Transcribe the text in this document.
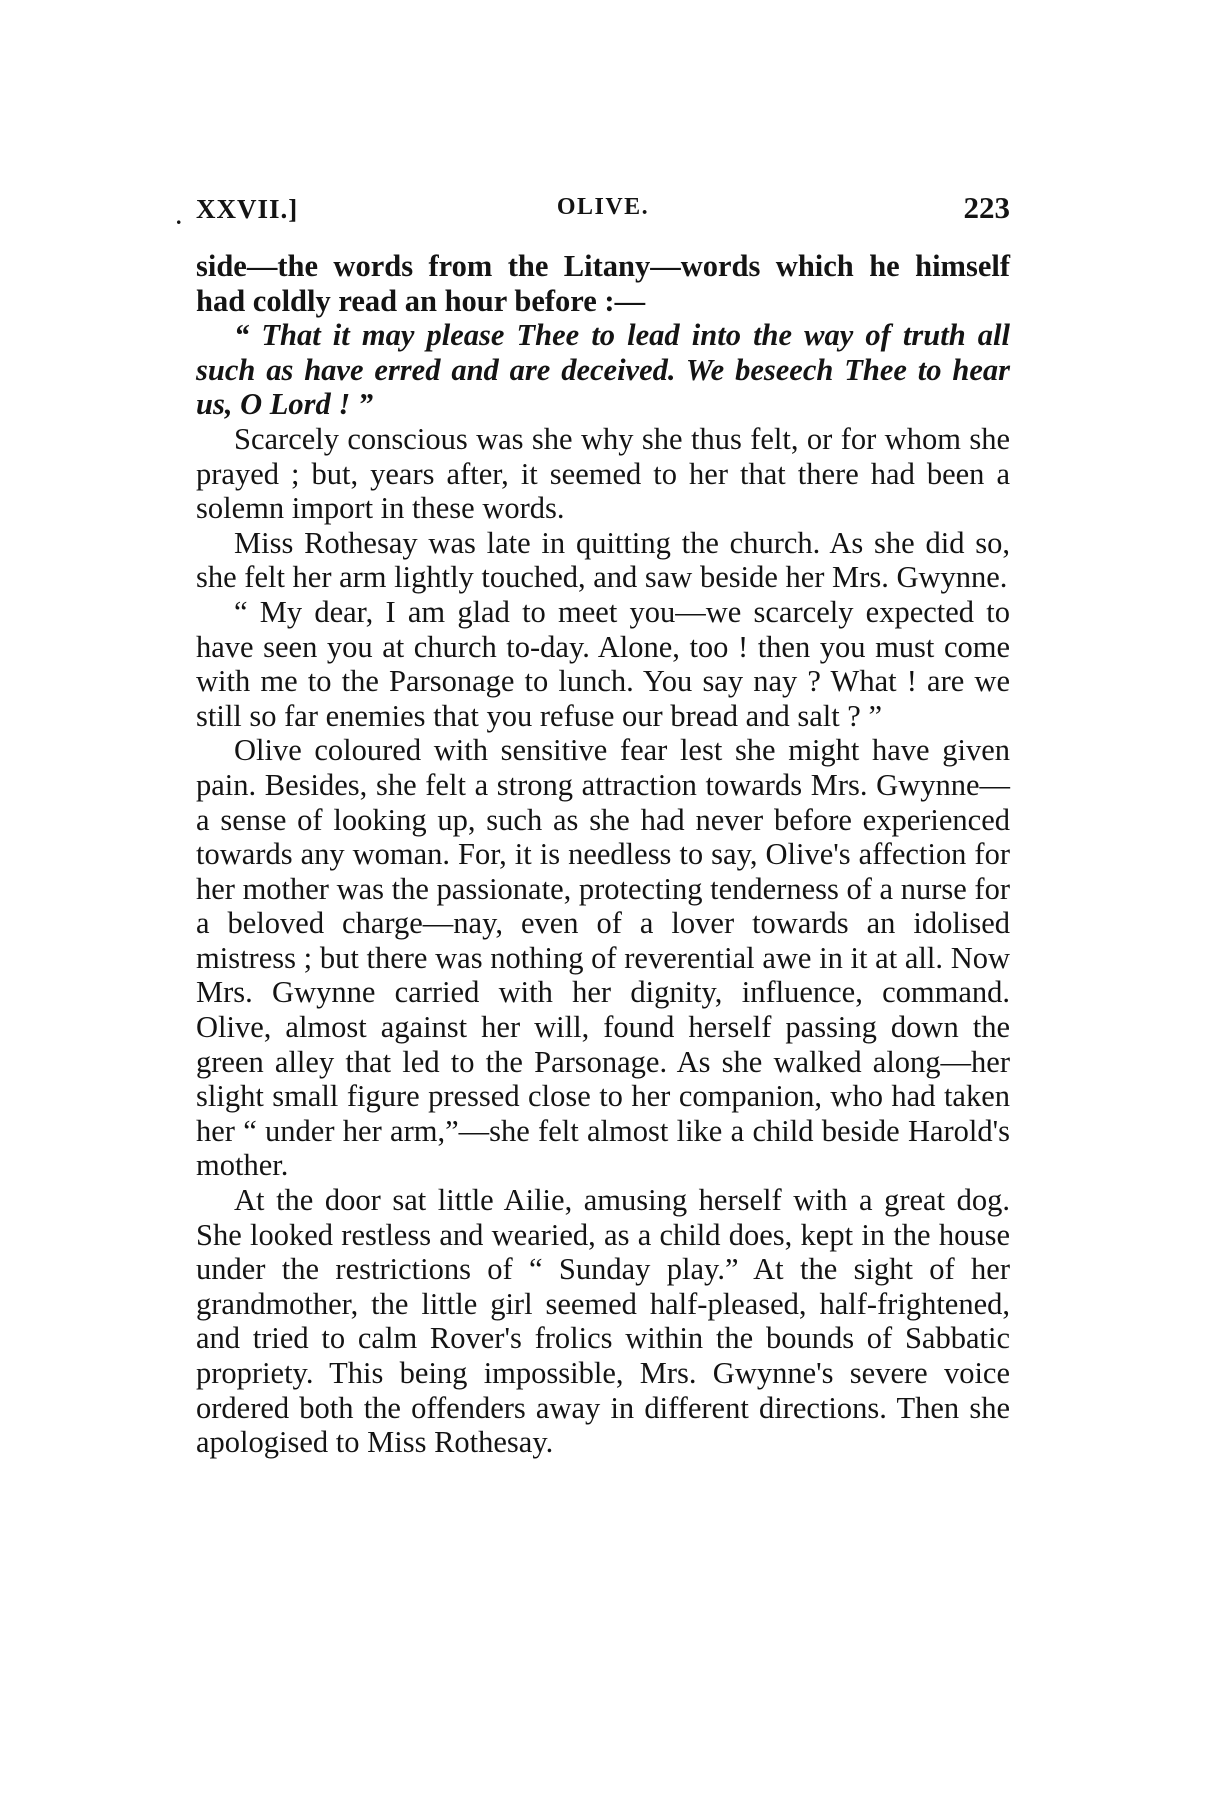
. XXVII.]	OLIVE.	223

side—the words from the Litany—words which he himself had coldly read an hour before :—

“ That it may please Thee to lead into the way of truth all such as have erred and are deceived. We beseech Thee to hear us, O Lord ! ”

Scarcely conscious was she why she thus felt, or for whom she prayed ; but, years after, it seemed to her that there had been a solemn import in these words.

Miss Rothesay was late in quitting the church. As she did so, she felt her arm lightly touched, and saw beside her Mrs. Gwynne.

“ My dear, I am glad to meet you—we scarcely expected to have seen you at church to-day. Alone, too ! then you must come with me to the Parsonage to lunch. You say nay ? What ! are we still so far enemies that you refuse our bread and salt ? ”

Olive coloured with sensitive fear lest she might have given pain. Besides, she felt a strong attraction towards Mrs. Gwynne—a sense of looking up, such as she had never before experienced towards any woman. For, it is needless to say, Olive's affection for her mother was the passionate, protecting tenderness of a nurse for a beloved charge—nay, even of a lover towards an idolised mistress ; but there was nothing of reverential awe in it at all. Now Mrs. Gwynne carried with her dignity, influence, command. Olive, almost against her will, found herself passing down the green alley that led to the Parsonage. As she walked along—her slight small figure pressed close to her companion, who had taken her “ under her arm,”—she felt almost like a child beside Harold's mother.

At the door sat little Ailie, amusing herself with a great dog. She looked restless and wearied, as a child does, kept in the house under the restrictions of “ Sunday play.” At the sight of her grandmother, the little girl seemed half-pleased, half-frightened, and tried to calm Rover's frolics within the bounds of Sabbatic propriety. This being impossible, Mrs. Gwynne's severe voice ordered both the offenders away in different directions. Then she apologised to Miss Rothesay.
